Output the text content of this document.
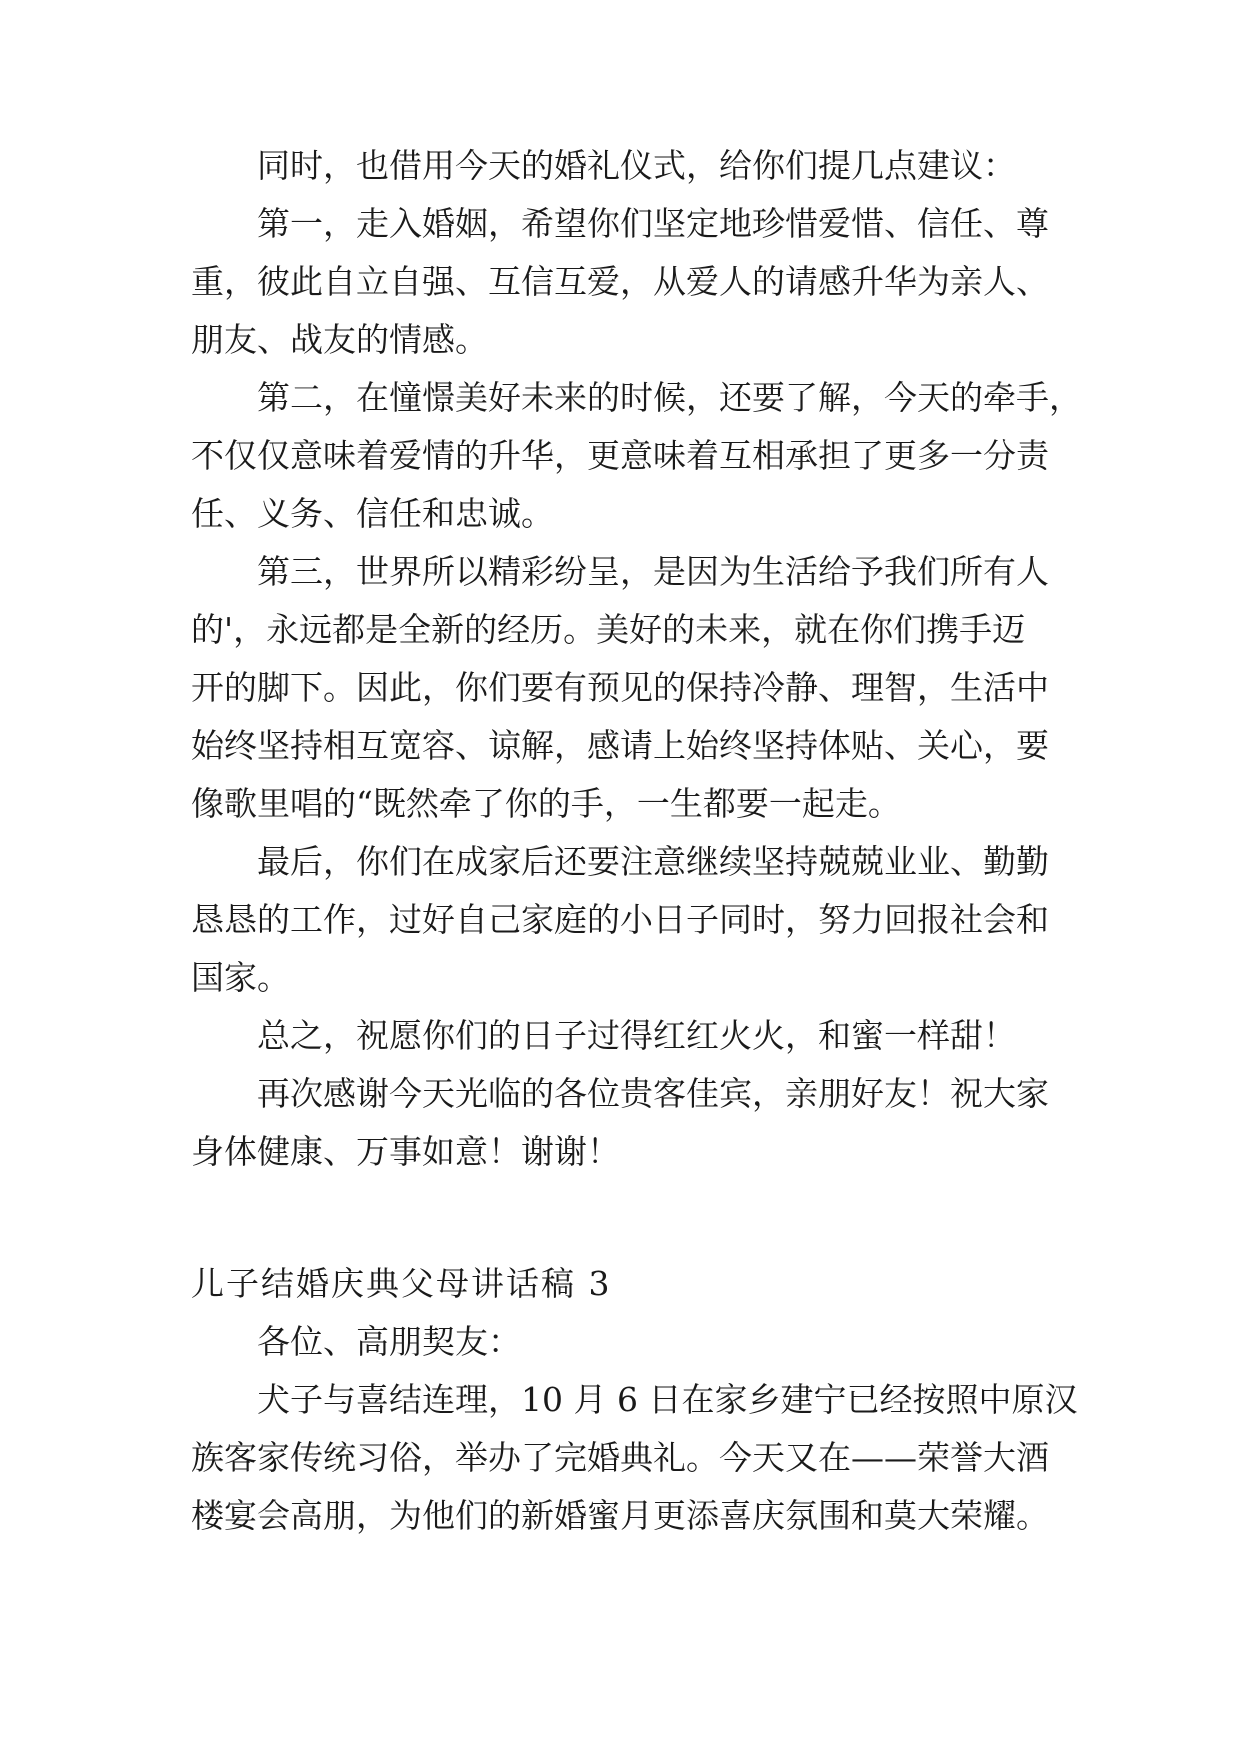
同时，也借用今天的婚礼仪式，给你们提几点建议：
第一，走入婚姻，希望你们坚定地珍惜爱惜、信任、尊
重，彼此自立自强、互信互爱，从爱人的请感升华为亲人、
朋友、战友的情感。
第二，在憧憬美好未来的时候，还要了解，今天的牵手，
不仅仅意味着爱情的升华，更意味着互相承担了更多一分责
任、义务、信任和忠诚。
第三，世界所以精彩纷呈，是因为生活给予我们所有人
的'，永远都是全新的经历。美好的未来，就在你们携手迈
开的脚下。因此，你们要有预见的保持冷静、理智，生活中
始终坚持相互宽容、谅解，感请上始终坚持体贴、关心，要
像歌里唱的“既然牵了你的手，一生都要一起走。
最后，你们在成家后还要注意继续坚持兢兢业业、勤勤
恳恳的工作，过好自己家庭的小日子同时，努力回报社会和
国家。
总之，祝愿你们的日子过得红红火火，和蜜一样甜！
再次感谢今天光临的各位贵客佳宾，亲朋好友！祝大家
身体健康、万事如意！谢谢！
儿子结婚庆典父母讲话稿 3
各位、高朋契友：
犬子与喜结连理，10 月 6 日在家乡建宁已经按照中原汉
族客家传统习俗，举办了完婚典礼。今天又在——荣誉大酒
楼宴会高朋，为他们的新婚蜜月更添喜庆氛围和莫大荣耀。
